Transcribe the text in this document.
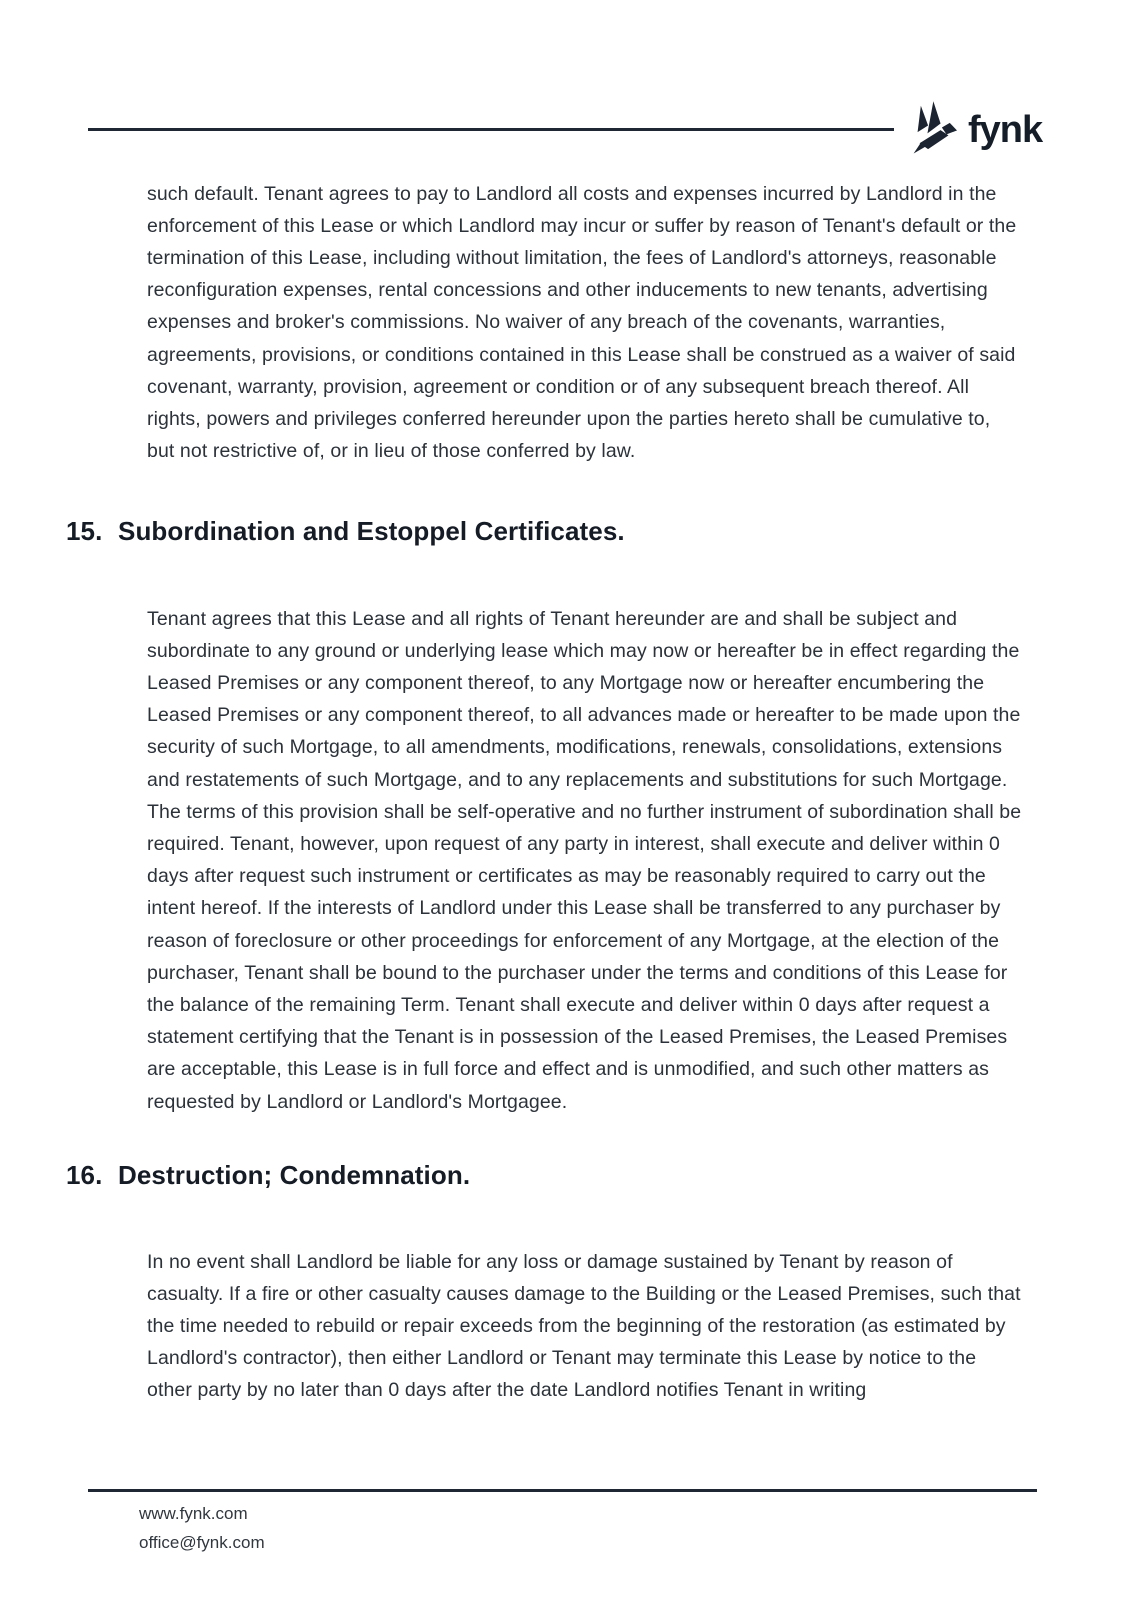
fynk

such default. Tenant agrees to pay to Landlord all costs and expenses incurred by Landlord in the enforcement of this Lease or which Landlord may incur or suffer by reason of Tenant's default or the termination of this Lease, including without limitation, the fees of Landlord's attorneys, reasonable reconfiguration expenses, rental concessions and other inducements to new tenants, advertising expenses and broker's commissions. No waiver of any breach of the covenants, warranties, agreements, provisions, or conditions contained in this Lease shall be construed as a waiver of said covenant, warranty, provision, agreement or condition or of any subsequent breach thereof. All rights, powers and privileges conferred hereunder upon the parties hereto shall be cumulative to, but not restrictive of, or in lieu of those conferred by law.

15. Subordination and Estoppel Certificates.

Tenant agrees that this Lease and all rights of Tenant hereunder are and shall be subject and subordinate to any ground or underlying lease which may now or hereafter be in effect regarding the Leased Premises or any component thereof, to any Mortgage now or hereafter encumbering the Leased Premises or any component thereof, to all advances made or hereafter to be made upon the security of such Mortgage, to all amendments, modifications, renewals, consolidations, extensions and restatements of such Mortgage, and to any replacements and substitutions for such Mortgage. The terms of this provision shall be self-operative and no further instrument of subordination shall be required. Tenant, however, upon request of any party in interest, shall execute and deliver within 0 days after request such instrument or certificates as may be reasonably required to carry out the intent hereof. If the interests of Landlord under this Lease shall be transferred to any purchaser by reason of foreclosure or other proceedings for enforcement of any Mortgage, at the election of the purchaser, Tenant shall be bound to the purchaser under the terms and conditions of this Lease for the balance of the remaining Term. Tenant shall execute and deliver within 0 days after request a statement certifying that the Tenant is in possession of the Leased Premises, the Leased Premises are acceptable, this Lease is in full force and effect and is unmodified, and such other matters as requested by Landlord or Landlord's Mortgagee.

16. Destruction; Condemnation.

In no event shall Landlord be liable for any loss or damage sustained by Tenant by reason of casualty. If a fire or other casualty causes damage to the Building or the Leased Premises, such that the time needed to rebuild or repair exceeds from the beginning of the restoration (as estimated by Landlord's contractor), then either Landlord or Tenant may terminate this Lease by notice to the other party by no later than 0 days after the date Landlord notifies Tenant in writing

www.fynk.com
office@fynk.com
